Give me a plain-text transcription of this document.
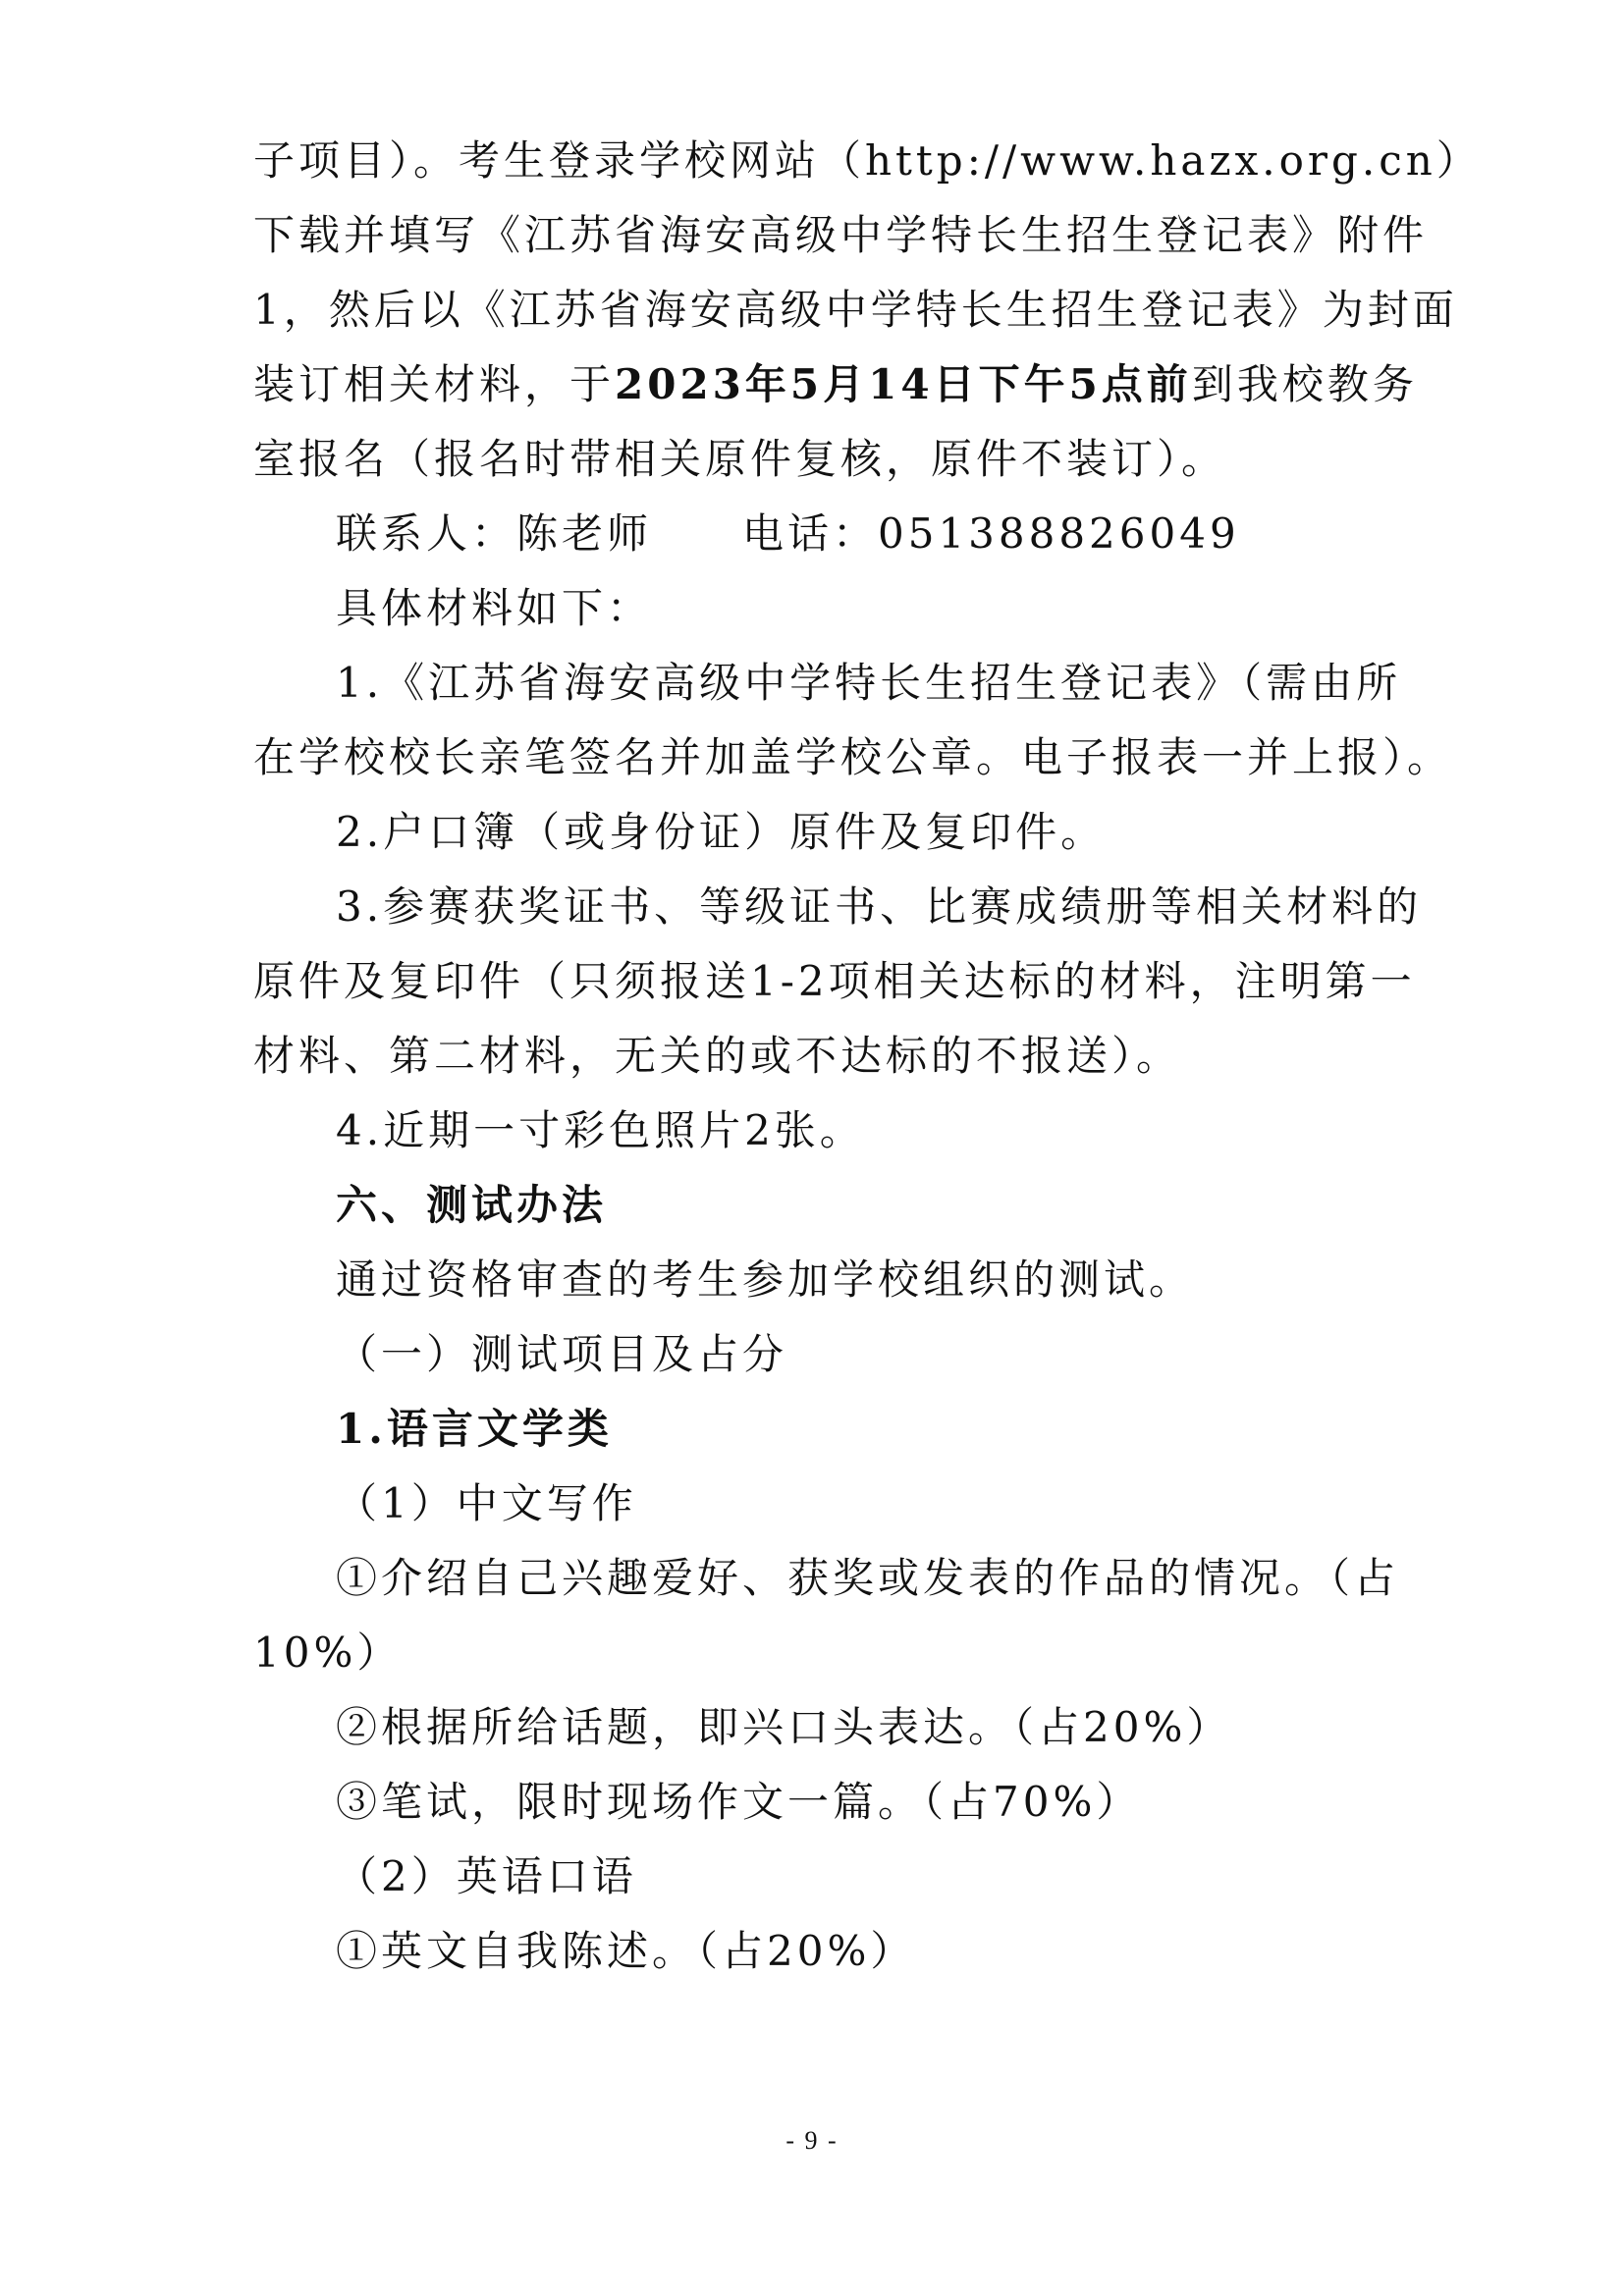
子项目）。考生登录学校网站（http://www.hazx.org.cn）
下载并填写《江苏省海安高级中学特长生招生登记表》附件
1，然后以《江苏省海安高级中学特长生招生登记表》为封面
装订相关材料，于2023年5月14日下午5点前到我校教务
室报名（报名时带相关原件复核，原件不装订）。
联系人：陈老师　　电话：051388826049
具体材料如下：
1.《江苏省海安高级中学特长生招生登记表》（需由所
在学校校长亲笔签名并加盖学校公章。电子报表一并上报）。
2.户口簿（或身份证）原件及复印件。
3.参赛获奖证书、等级证书、比赛成绩册等相关材料的
原件及复印件（只须报送1-2项相关达标的材料，注明第一
材料、第二材料，无关的或不达标的不报送）。
4.近期一寸彩色照片2张。
六、测试办法
通过资格审查的考生参加学校组织的测试。
（一）测试项目及占分
1.语言文学类
（1）中文写作
①介绍自己兴趣爱好、获奖或发表的作品的情况。（占
10%）
②根据所给话题，即兴口头表达。（占20%）
③笔试，限时现场作文一篇。（占70%）
（2）英语口语
①英文自我陈述。（占20%）
- 9 -
